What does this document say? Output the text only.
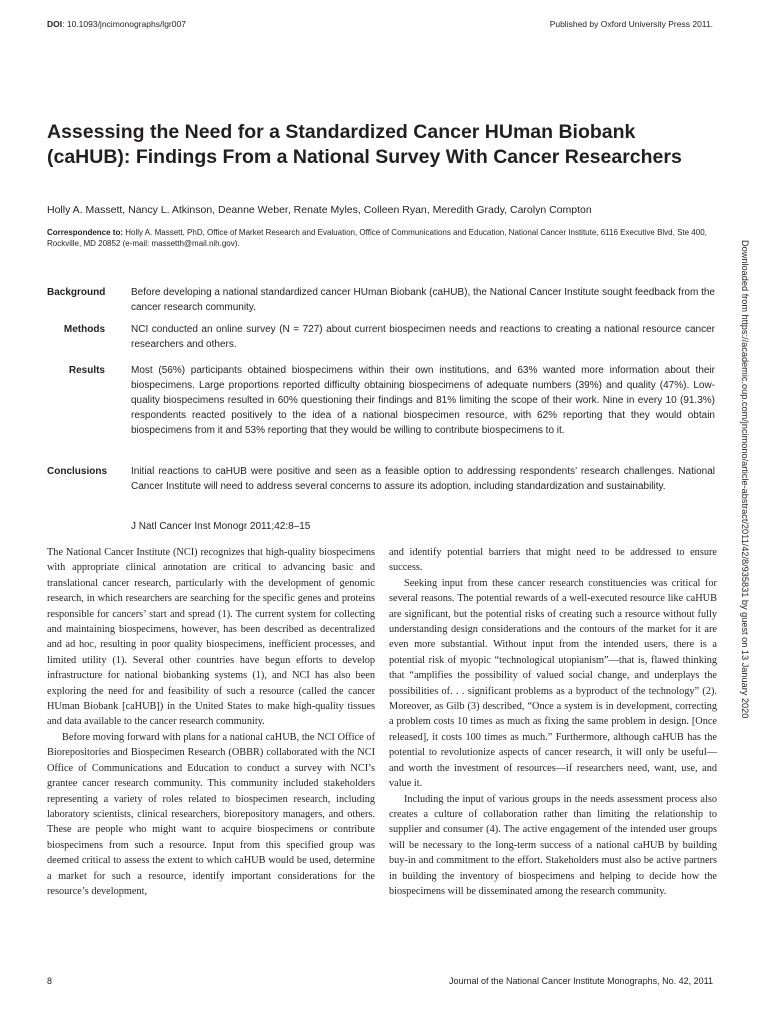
DOI: 10.1093/jncimonographs/lgr007	Published by Oxford University Press 2011.
Assessing the Need for a Standardized Cancer HUman Biobank (caHUB): Findings From a National Survey With Cancer Researchers
Holly A. Massett, Nancy L. Atkinson, Deanne Weber, Renate Myles, Colleen Ryan, Meredith Grady, Carolyn Compton
Correspondence to: Holly A. Massett, PhD, Office of Market Research and Evaluation, Office of Communications and Education, National Cancer Institute, 6116 Executive Blvd, Ste 400, Rockville, MD 20852 (e-mail: massetth@mail.nih.gov).
Background	Before developing a national standardized cancer HUman Biobank (caHUB), the National Cancer Institute sought feedback from the cancer research community.

Methods	NCI conducted an online survey (N = 727) about current biospecimen needs and reactions to creating a national resource cancer researchers and others.

Results	Most (56%) participants obtained biospecimens within their own institutions, and 63% wanted more information about their biospecimens. Large proportions reported difficulty obtaining biospecimens of adequate numbers (39%) and quality (47%). Low-quality biospecimens resulted in 60% questioning their findings and 81% limiting the scope of their work. Nine in every 10 (91.3%) respondents reacted positively to the idea of a national biospecimen resource, with 62% reporting that they would obtain biospecimens from it and 53% reporting that they would be willing to contribute biospecimens to it.

Conclusions Initial reactions to caHUB were positive and seen as a feasible option to addressing respondents’ research challenges. National Cancer Institute will need to address several concerns to assure its adoption, including standardization and sustainability.

J Natl Cancer Inst Monogr 2011;42:8–15

The National Cancer Institute (NCI) recognizes that high-quality biospecimens with appropriate clinical annotation are critical to advancing basic and translational cancer research, particularly with the development of genomic research, in which researchers are searching for the specific genes and proteins responsible for cancers’ start and spread (1). The current system for collecting and maintaining biospecimens, however, has been described as decentralized and ad hoc, resulting in poor quality biospecimens, inefficient processes, and limited utility (1). Several other countries have begun efforts to develop infrastructure for national biobanking systems (1), and NCI has also been exploring the need for and feasibility of such a resource (called the cancer HUman Biobank [caHUB]) in the United States to make high-quality tissues and data available to the cancer research community.

Before moving forward with plans for a national caHUB, the NCI Office of Biorepositories and Biospecimen Research (OBBR) collaborated with the NCI Office of Communications and Education to conduct a survey with NCI’s grantee cancer research community. This community included stakeholders representing a variety of roles related to biospecimen research, including laboratory scientists, clinical researchers, biorepository managers, and others. These are people who might want to acquire biospecimens or contribute biospecimens from such a resource. Input from this specified group was deemed critical to assess the extent to which caHUB would be used, determine a market for such a resource, identify important considerations for the resource’s development,

and identify potential barriers that might need to be addressed to ensure success.

Seeking input from these cancer research constituencies was critical for several reasons. The potential rewards of a well-executed resource like caHUB are significant, but the potential risks of creating such a resource without fully understanding design considerations and the contours of the market for it are even more substantial. Without input from the intended users, there is a potential risk of myopic “technological utopianism”—that is, flawed thinking that “amplifies the possibility of valued social change, and underplays the possibilities of. . . significant problems as a byproduct of the technology” (2). Moreover, as Gilb (3) described, “Once a system is in development, correcting a problem costs 10 times as much as fixing the same problem in design. [Once released], it costs 100 times as much.” Furthermore, although caHUB has the potential to revolutionize aspects of cancer research, it will only be useful—and worth the investment of resources—if researchers need, want, use, and value it.

Including the input of various groups in the needs assessment process also creates a culture of collaboration rather than limiting the relationship to supplier and consumer (4). The active engagement of the intended user groups will be necessary to the long-term success of a national caHUB by building buy-in and commitment to the effort. Stakeholders must also be active partners in building the inventory of biospecimens and helping to decide how the biospecimens will be disseminated among the research community.

8	Journal of the National Cancer Institute Monographs, No. 42, 2011
Downloaded from https://academic.oup.com/jncimono/article-abstract/2011/42/8/935831 by guest on 13 January 2020
